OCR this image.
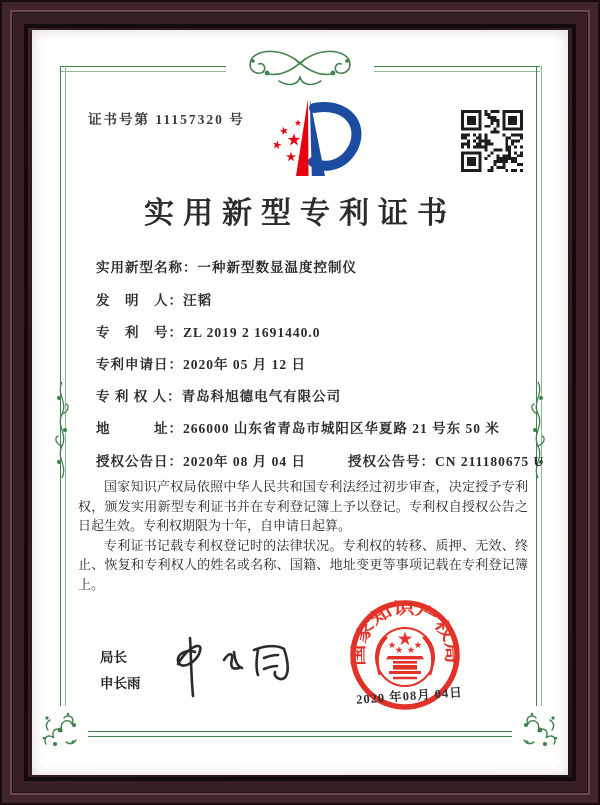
证书号第 11157320 号
实用新型专利证书
实用新型名称：一种新型数显温度控制仪
发　明　人：汪韬
专　利　号：ZL 2019 2 1691440.0
专利申请日：2020年 05 月 12 日
专 利 权 人：青岛科旭德电气有限公司
地　　　址：266000 山东省青岛市城阳区华夏路 21 号东 50 米
授权公告日：2020年 08 月 04 日	授权公告号：CN 211180675 U

国家知识产权局依照中华人民共和国专利法经过初步审查，决定授予专利权，颁发实用新型专利证书并在专利登记簿上予以登记。专利权自授权公告之日起生效。专利权期限为十年，自申请日起算。

专利证书记载专利权登记时的法律状况。专利权的转移、质押、无效、终止、恢复和专利权人的姓名或名称、国籍、地址变更等事项记载在专利登记簿上。

局长
申长雨
国家知识产权局
2020 年08月 04日
